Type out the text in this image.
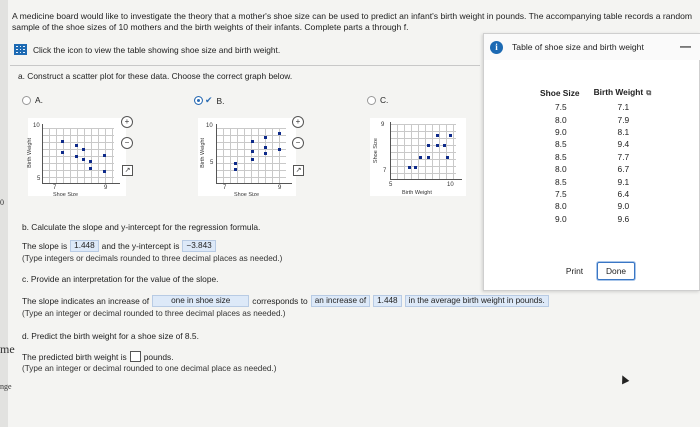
A medicine board would like to investigate the theory that a mother's shoe size can be used to predict an infant's birth weight in pounds. The accompanying table records a random sample of the shoe sizes of 10 mothers and the birth weights of their infants. Complete parts a through f.
Click the icon to view the table showing shoe size and birth weight.
a. Construct a scatter plot for these data. Choose the correct graph below.
A.
10
5
7	9
Birth Weight
Shoe Size
+
−
↗
✔ B.
10
5
7	9
Birth Weight
Shoe Size
+
−
↗
C.
9
7
5	10
Shoe Size
Birth Weight
b. Calculate the slope and y-intercept for the regression formula.
The slope is 1.448 and the y-intercept is −3.843
(Type integers or decimals rounded to three decimal places as needed.)
c. Provide an interpretation for the value of the slope.
The slope indicates an increase of	one in shoe size	corresponds to an increase of	1.448	in the average birth weight in pounds.
(Type an integer or decimal rounded to three decimal places as needed.)
d. Predict the birth weight for a shoe size of 8.5.
The predicted birth weight is pounds.
(Type an integer or decimal rounded to one decimal place as needed.)
me
nge
0
i	Table of shoe size and birth weight	—
Shoe Size	Birth Weight ⧉
7.5	7.1
8.0	7.9
9.0	8.1
8.5	9.4
8.5	7.7
8.0	6.7
8.5	9.1
7.5	6.4
8.0	9.0
9.0	9.6
Print	Done
